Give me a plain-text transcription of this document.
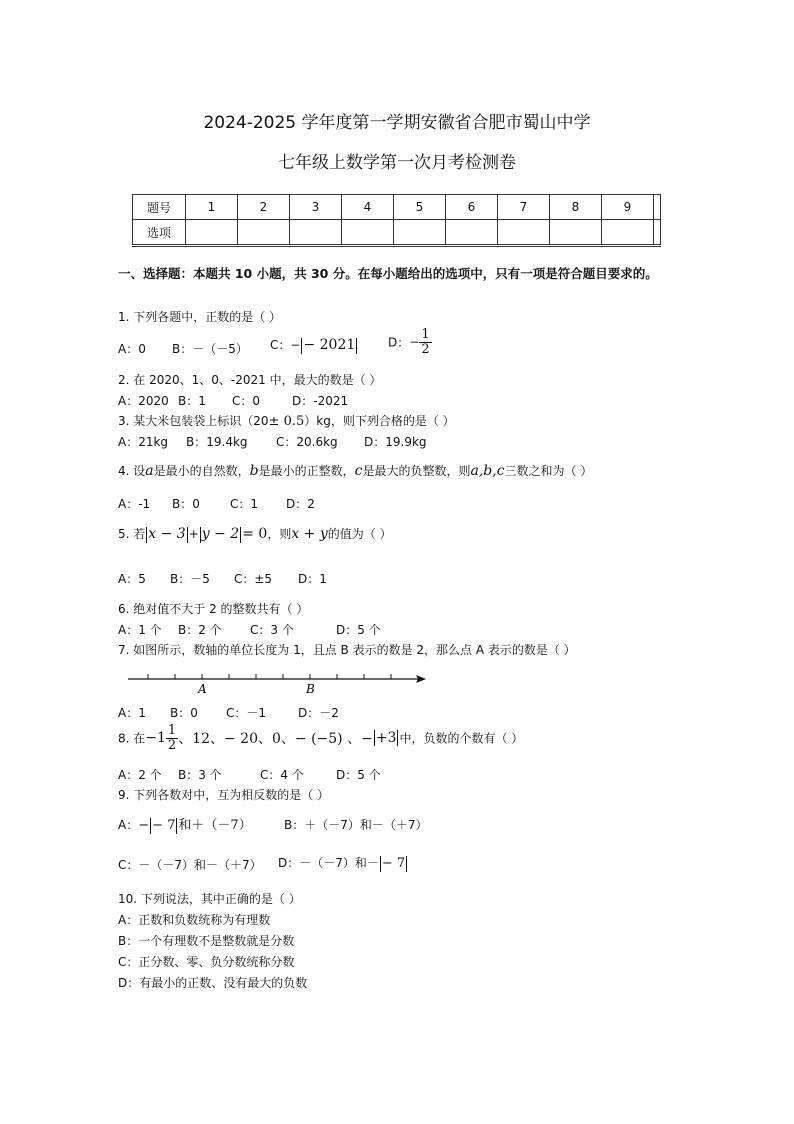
2024-2025 学年度第一学期安徽省合肥市蜀山中学
七年级上数学第一次月考检测卷
题号	1	2	3	4	5	6	7	8	9	
选项										
一、选择题：本题共 10 小题，共 30 分。在每小题给出的选项中，只有一项是符合题目要求的。
1. 下列各题中，正数的是（ ）
A：0 B：－（－5） C：− − 2021	D：− $\frac{1}{2}$
2. 在 2020、1、0、-2021 中，最大的数是（ ）
A：2020 B：1 C：0	D：-2021
3. 某大米包装袋上标识（20± 0.5）kg，则下列合格的是（ ）
A：21kg B：19.4kg C：20.6kg D：19.9kg
4. 设a是最小的自然数，b是最小的正整数，c是最大的负整数，则a,b,c三数之和为（ ）
A：-1 B：0	C：1 D：2
5. 若 x − 3 + y − 2 = 0，则x + y的值为（ ）
A：5 B：－5 C：±5 D：1
6. 绝对值不大于 2 的整数共有（ ）
A：1 个 B：2 个 C：3 个	D：5 个
7. 如图所示，数轴的单位长度为 1，且点 B 表示的数是 2，那么点 A 表示的数是（ ）
A	B
A：1 B：0 C：－1	D：－2
8. 在$-1 \frac{1}{2}$ 、12、− 20、0、− (−5) 、− +3 中，负数的个数有（ ）
A：2 个 B：3 个	C：4 个	D：5 个
9. 下列各数对中，互为相反数的是（ ）
A：− − 7 和＋（－7）	B：＋（－7）和－（＋7）
C：－（－7）和－（＋7） D：－（－7）和－ − 7
10. 下列说法，其中正确的是（ ）
A：正数和负数统称为有理数
B：一个有理数不是整数就是分数
C：正分数、零、负分数统称分数
D：有最小的正数、没有最大的负数
